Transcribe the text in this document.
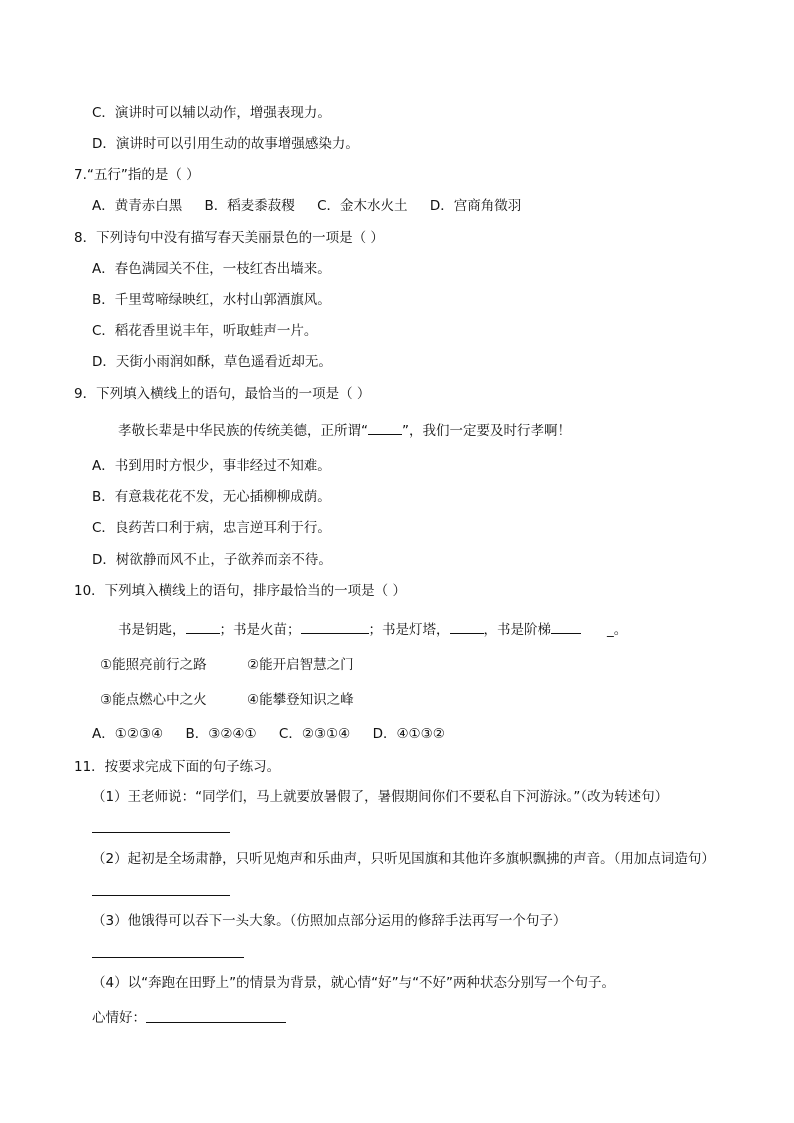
C．演讲时可以辅以动作，增强表现力。
D．演讲时可以引用生动的故事增强感染力。
7.“五行”指的是（ ）
A．黄青赤白黑 B．稻麦黍菽稷 C．金木水火土 D．宫商角徵羽
8．下列诗句中没有描写春天美丽景色的一项是（ ）
A．春色满园关不住，一枝红杏出墙来。
B．千里莺啼绿映红，水村山郭酒旗风。
C．稻花香里说丰年，听取蛙声一片。
D．天街小雨润如酥，草色遥看近却无。
9．下列填入横线上的语句，最恰当的一项是（ ）
孝敬长辈是中华民族的传统美德，正所谓“	”，我们一定要及时行孝啊！
A．书到用时方恨少，事非经过不知难。
B．有意栽花花不发，无心插柳柳成荫。
C．良药苦口利于病，忠言逆耳利于行。
D．树欲静而风不止，子欲养而亲不待。
10．下列填入横线上的语句，排序最恰当的一项是（ ）
书是钥匙，	；书是火苗；	；书是灯塔，	，书是阶梯	_。
①能照亮前行之路	②能开启智慧之门
③能点燃心中之火	④能攀登知识之峰
A．①②③④ B．③②④① C．②③①④ D．④①③②
11．按要求完成下面的句子练习。
（1）王老师说：“同学们，马上就要放暑假了，暑假期间你们不要私自下河游泳。”（改为转述句）
（2）起初是全场肃静，只听见炮声和乐曲声，只听见国旗和其他许多旗帜飘拂的声音。（用加点词造句）
（3）他饿得可以吞下一头大象。（仿照加点部分运用的修辞手法再写一个句子）
（4）以“奔跑在田野上”的情景为背景，就心情“好”与“不好”两种状态分别写一个句子。
心情好：
